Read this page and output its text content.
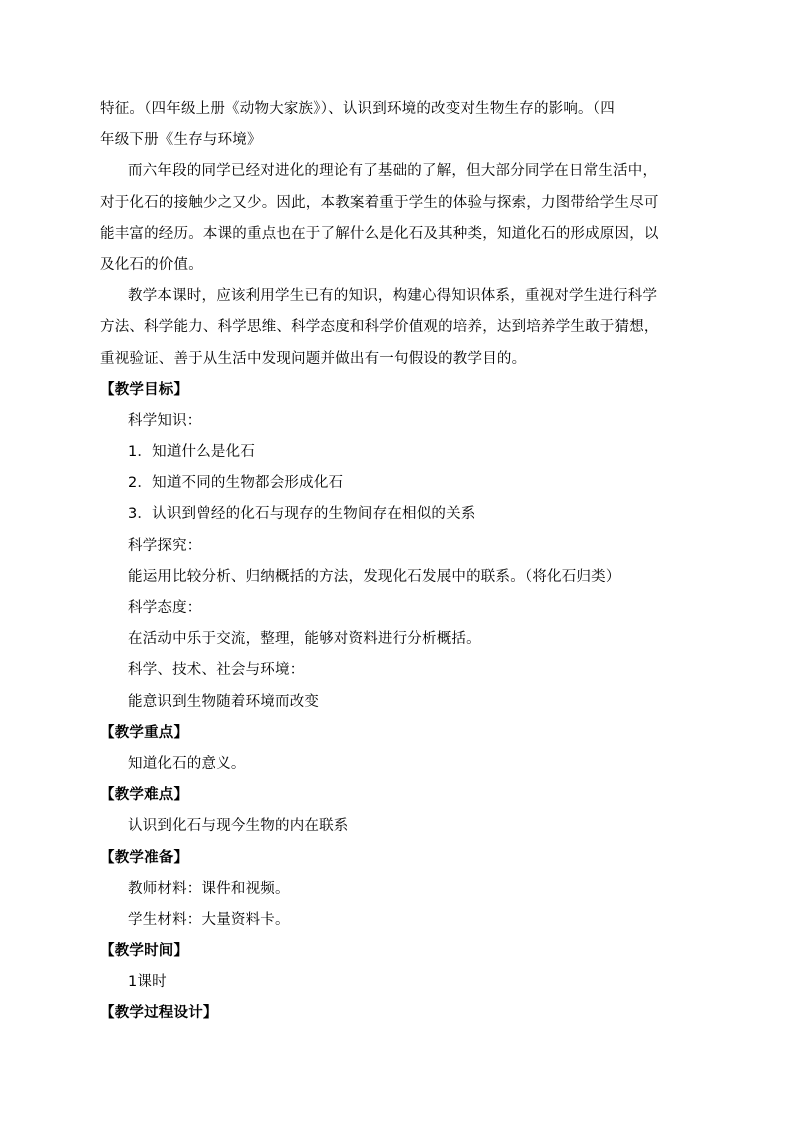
特征。（四年级上册《动物大家族》）、认识到环境的改变对生物生存的影响。（四
年级下册《生存与环境》
而六年段的同学已经对进化的理论有了基础的了解，但大部分同学在日常生活中，
对于化石的接触少之又少。因此，本教案着重于学生的体验与探索，力图带给学生尽可
能丰富的经历。本课的重点也在于了解什么是化石及其种类，知道化石的形成原因，以
及化石的价值。
教学本课时，应该利用学生已有的知识，构建心得知识体系，重视对学生进行科学
方法、科学能力、科学思维、科学态度和科学价值观的培养，达到培养学生敢于猜想，
重视验证、善于从生活中发现问题并做出有一句假设的教学目的。
【教学目标】
科学知识：
1．知道什么是化石
2．知道不同的生物都会形成化石
3．认识到曾经的化石与现存的生物间存在相似的关系
科学探究：
能运用比较分析、归纳概括的方法，发现化石发展中的联系。（将化石归类）
科学态度：
在活动中乐于交流，整理，能够对资料进行分析概括。
科学、技术、社会与环境：
能意识到生物随着环境而改变
【教学重点】
知道化石的意义。
【教学难点】
认识到化石与现今生物的内在联系
【教学准备】
教师材料：课件和视频。
学生材料：大量资料卡。
【教学时间】
1课时
【教学过程设计】
